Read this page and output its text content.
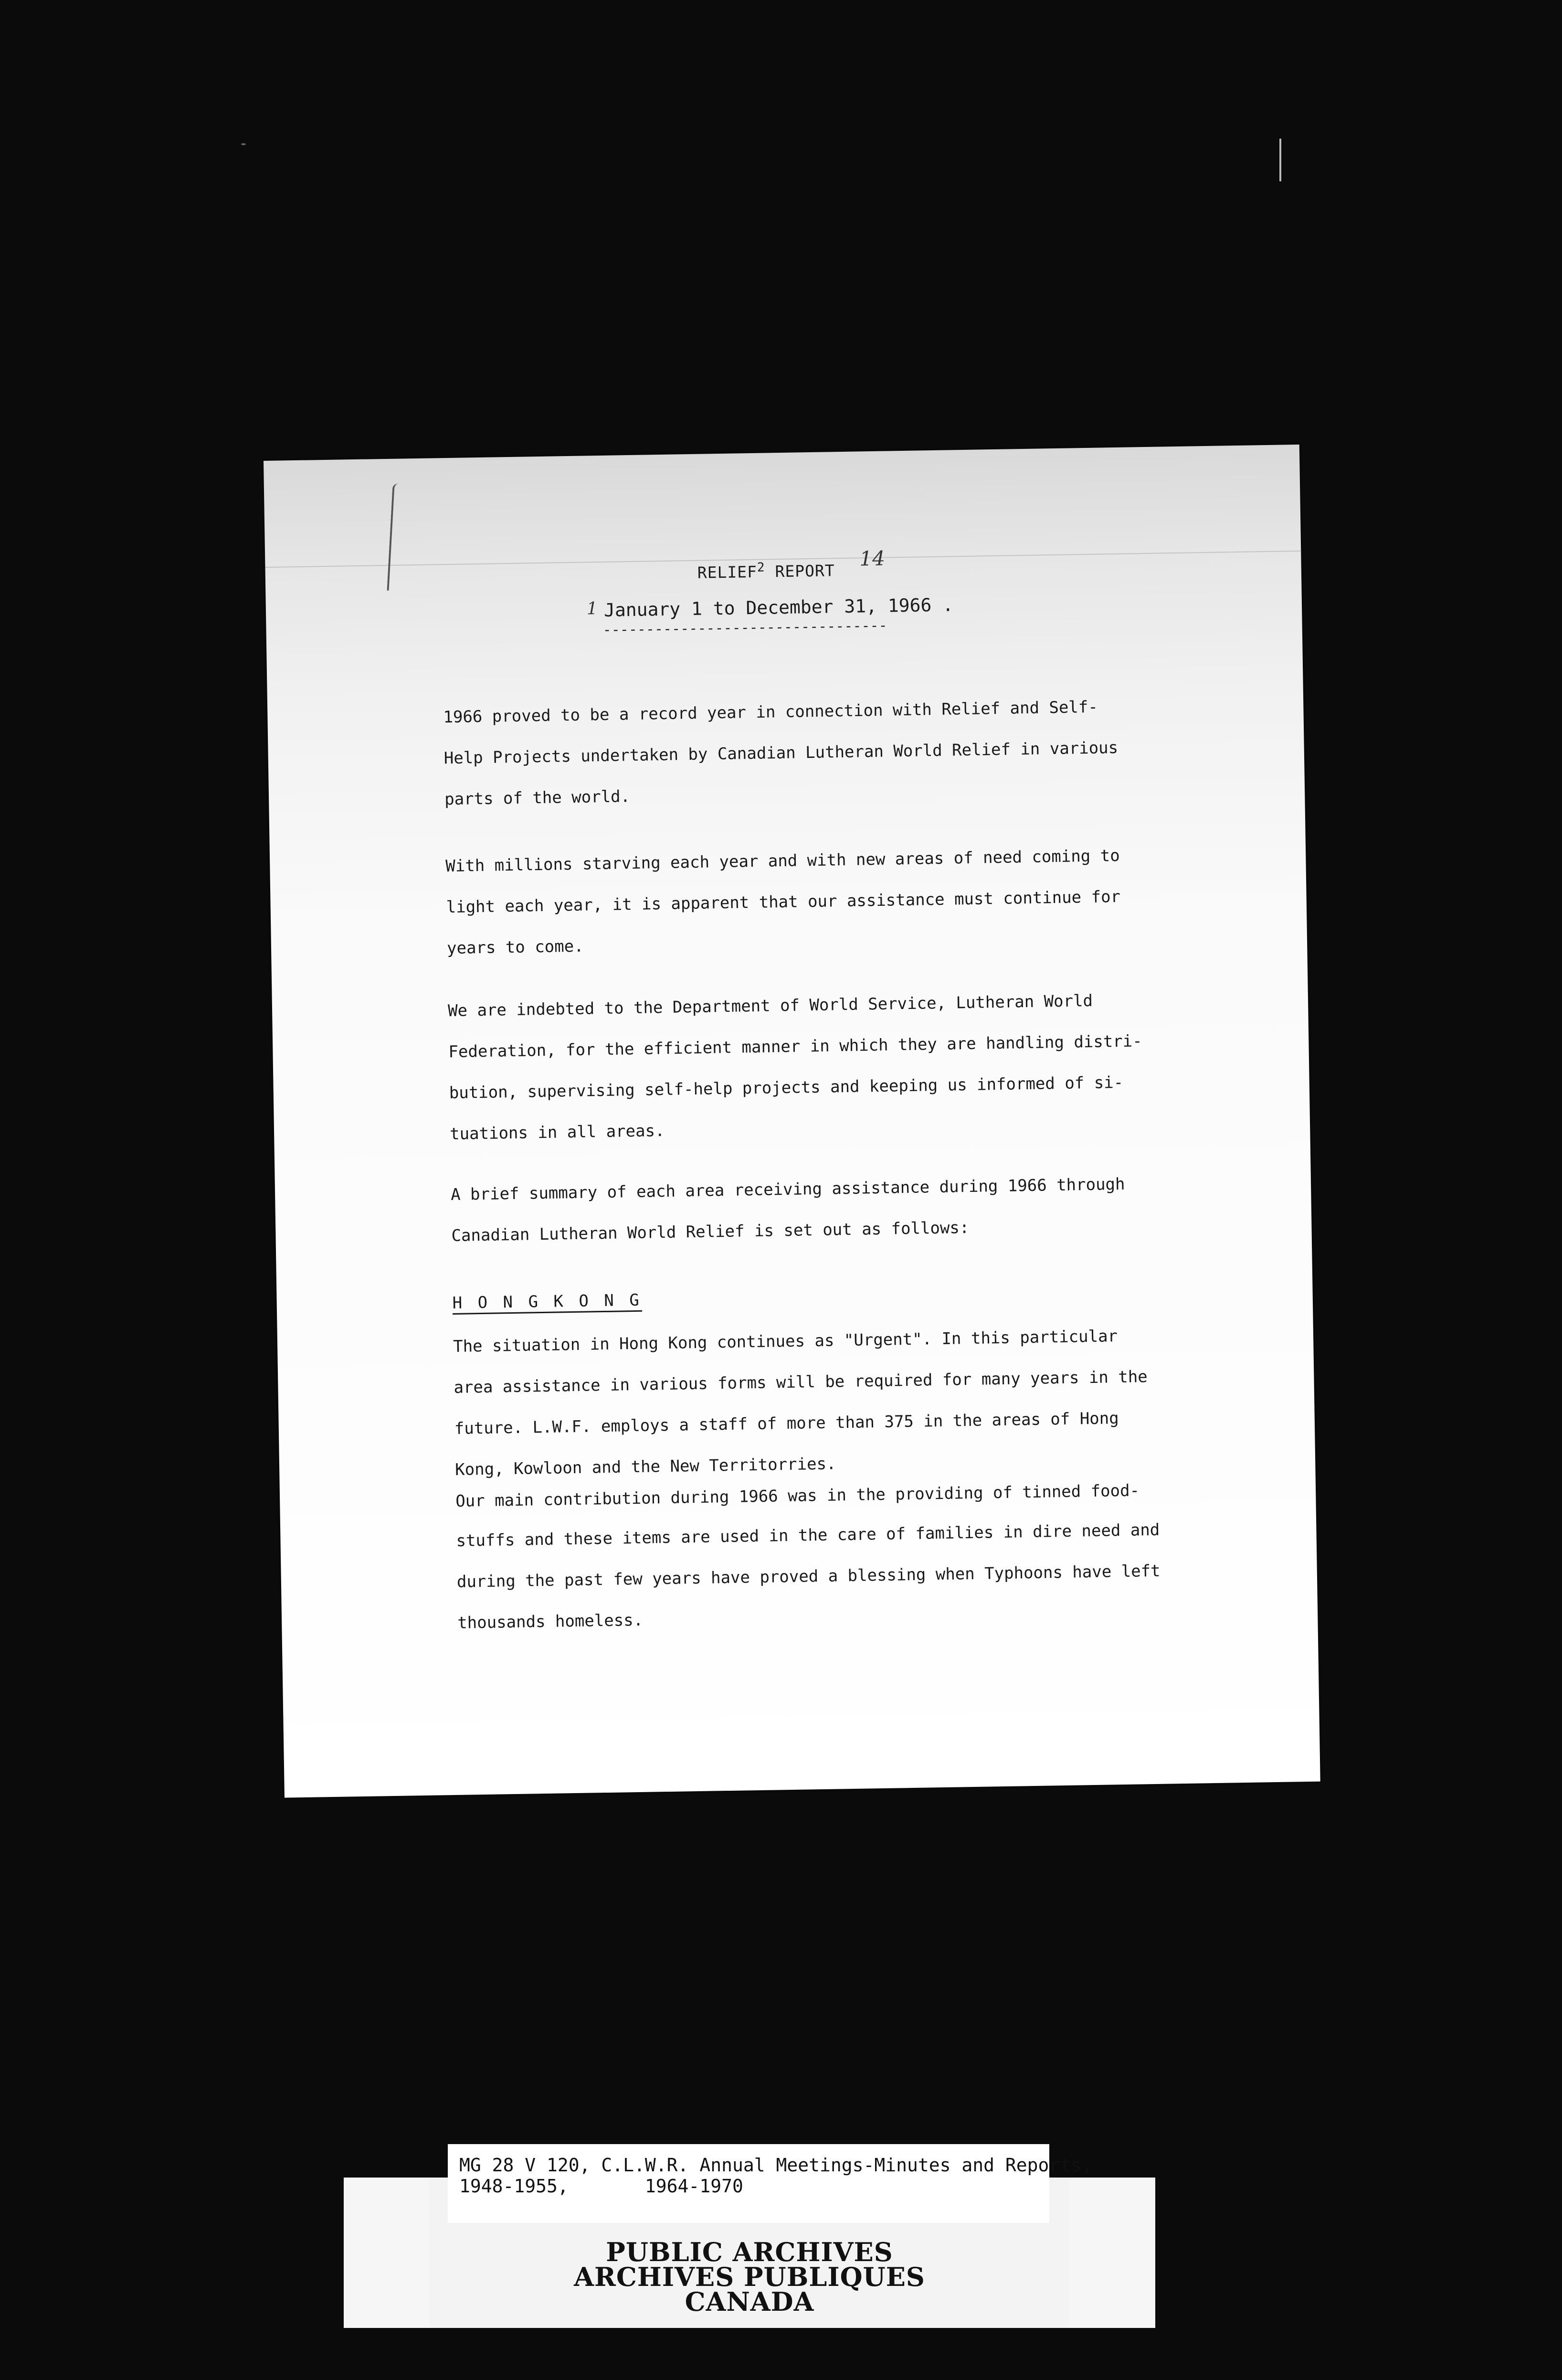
RELIEF$^2$ REPORT
14
1 January 1 to December 31, 1966 .
---------------------------------
1966 proved to be a record year in connection with Relief and Self-
Help Projects undertaken by Canadian Lutheran World Relief in various
parts of the world.
With millions starving each year and with new areas of need coming to
light each year, it is apparent that our assistance must continue for
years to come.
We are indebted to the Department of World Service, Lutheran World
Federation, for the efficient manner in which they are handling distri-
bution, supervising self-help projects and keeping us informed of si-
tuations in all areas.
A brief summary of each area receiving assistance during 1966 through
Canadian Lutheran World Relief is set out as follows:
H O N G K O N G
The situation in Hong Kong continues as "Urgent". In this particular
area assistance in various forms will be required for many years in the
future. L.W.F. employs a staff of more than 375 in the areas of Hong
Kong, Kowloon and the New Territorries.
Our main contribution during 1966 was in the providing of tinned food-
stuffs and these items are used in the care of families in dire need and
during the past few years have proved a blessing when Typhoons have left
thousands homeless.
MG 28 V 120, C.L.W.R. Annual Meetings-Minutes and Reports,
1948-1955,       1964-1970
PUBLIC ARCHIVES
ARCHIVES PUBLIQUES
CANADA
